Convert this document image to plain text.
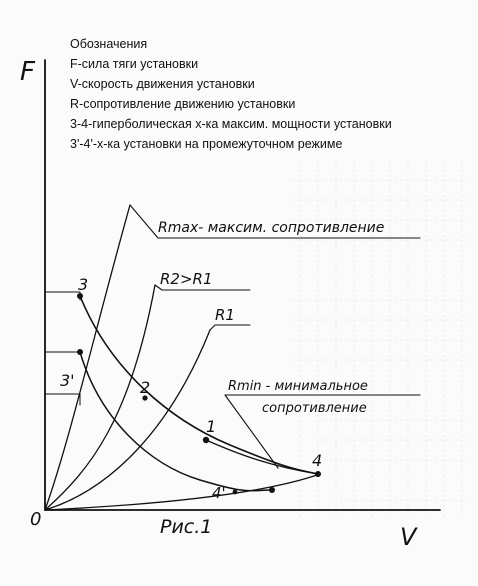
Обозначения
F-сила тяги установки
V-скорость движения установки
R-сопротивление движению установки
3-4-гиперболическая х-ка максим. мощности установки
3'-4'-х-ка установки на промежуточном режиме
F
V
0	Рис.1
Rmax- максим. сопротивление
R2>R1
R1
Rmin - минимальное
сопротивление
3
3'	2
1
4
4'
